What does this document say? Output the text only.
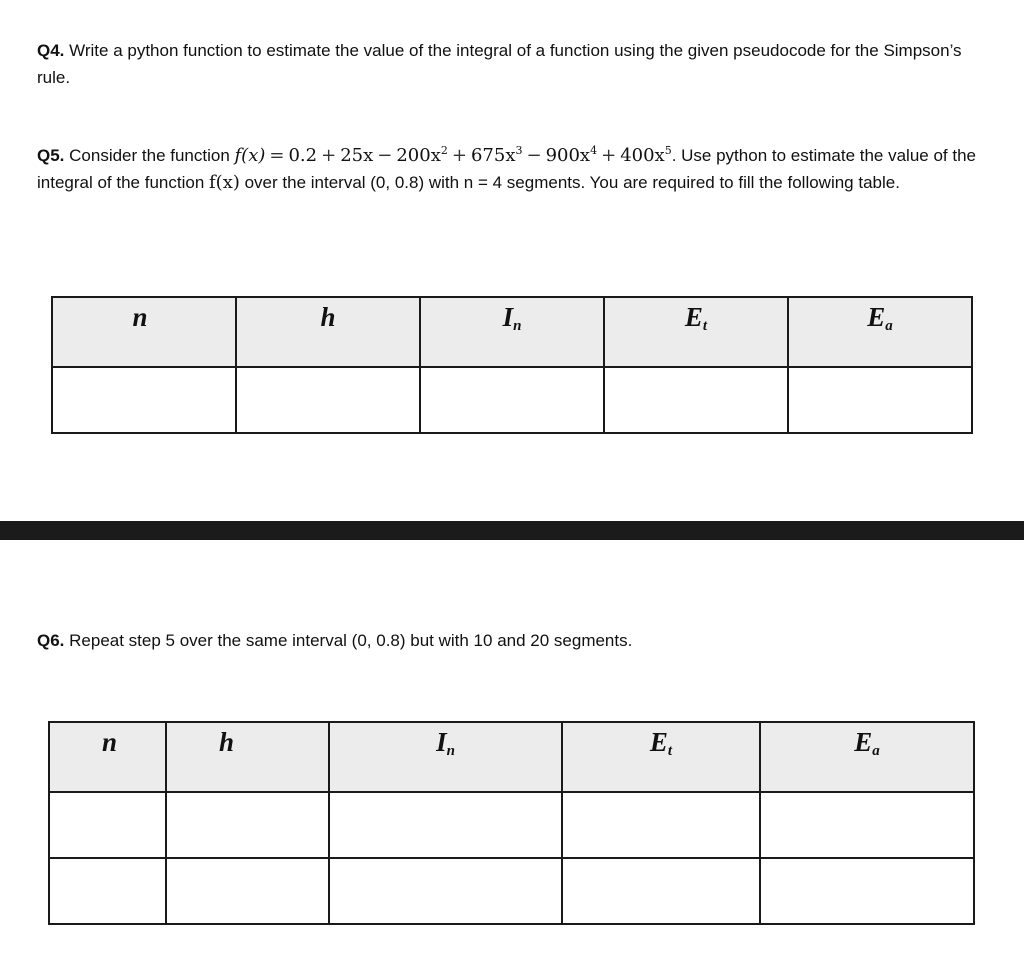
Q4. Write a python function to estimate the value of the integral of a function using the given pseudocode for the Simpson’s rule.
Q5. Consider the function $f(x) = 0.2 + 25x - 200x^2 + 675x^3 - 900x^4 + 400x^5$. Use python to estimate the value of the integral of the function f(x) over the interval (0, 0.8) with n = 4 segments. You are required to fill the following table.
n	h	$I_n$	$E_t$	$E_a$

Q6. Repeat step 5 over the same interval (0, 0.8) but with 10 and 20 segments.
n	h	$I_n$	$E_t$	$E_a$
